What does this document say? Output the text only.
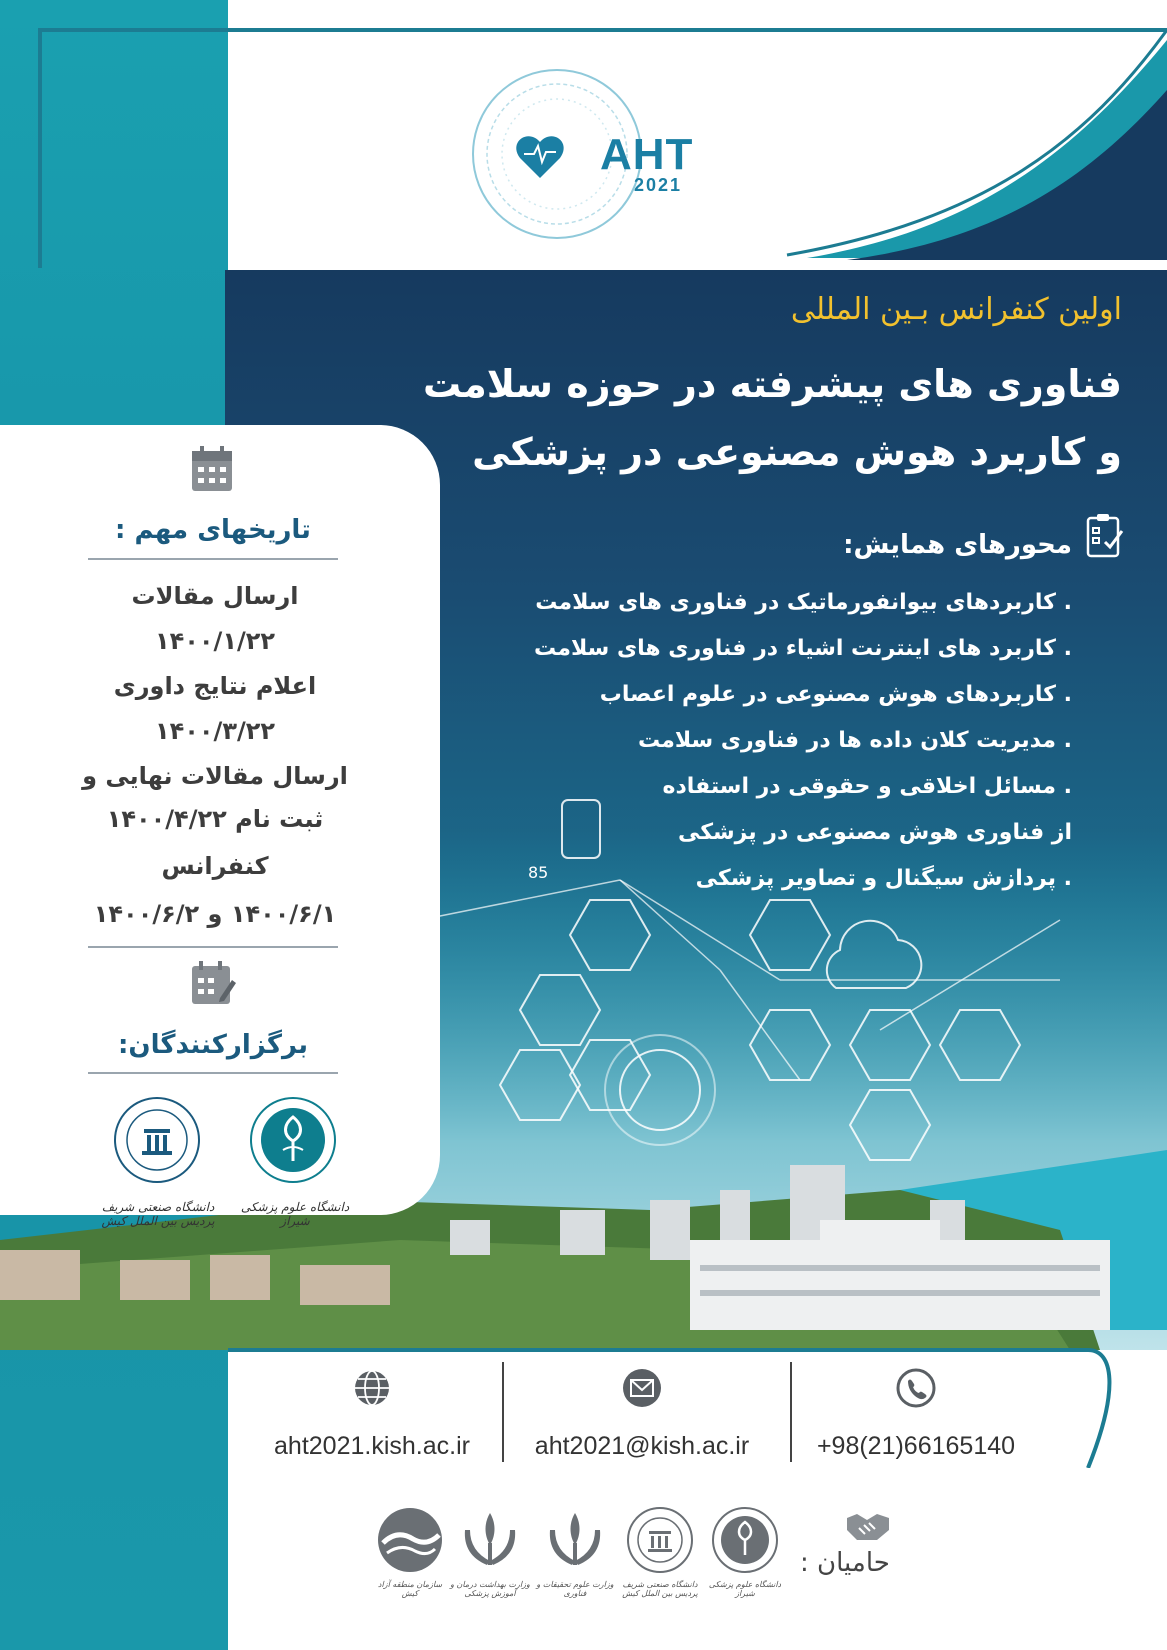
85
AHT
2021
اولین کنفرانس بـین المللی
فناوری های پیشرفته در حوزه سلامت
و کاربرد هوش مصنوعی در پزشکی
محورهای همایش:
. کاربردهای بیوانفورماتیک در فناوری های سلامت
. کاربرد های اینترنت اشیاء در فناوری های سلامت
. کاربردهای هوش مصنوعی در علوم اعصاب
. مدیریت کلان داده ها در فناوری سلامت
. مسائل اخلاقی و حقوقی در استفاده
از فناوری هوش مصنوعی در پزشکی
. پردازش سیگنال و تصاویر پزشکی
تاریخهای مهم :
ارسال مقالات
۱۴۰۰/۱/۲۲
اعلام نتایج داوری
۱۴۰۰/۳/۲۲
ارسال مقالات نهایی و
ثبت نام ۱۴۰۰/۴/۲۲
کنفرانس
۱۴۰۰/۶/۱ و ۱۴۰۰/۶/۲
برگزارکنندگان:
دانشگاه صنعتی شریف پردیس بین الملل کیش
دانشگاه علوم پزشکی شیراز
aht2021.kish.ac.ir	aht2021@kish.ac.ir	+98(21)66165140
حامیان :
سازمان منطقه آزاد کیش
وزارت بهداشت درمان و آموزش پزشکی
وزارت علوم تحقیقات و فناوری
دانشگاه صنعتی شریف پردیس بین الملل کیش
دانشگاه علوم پزشکی شیراز
